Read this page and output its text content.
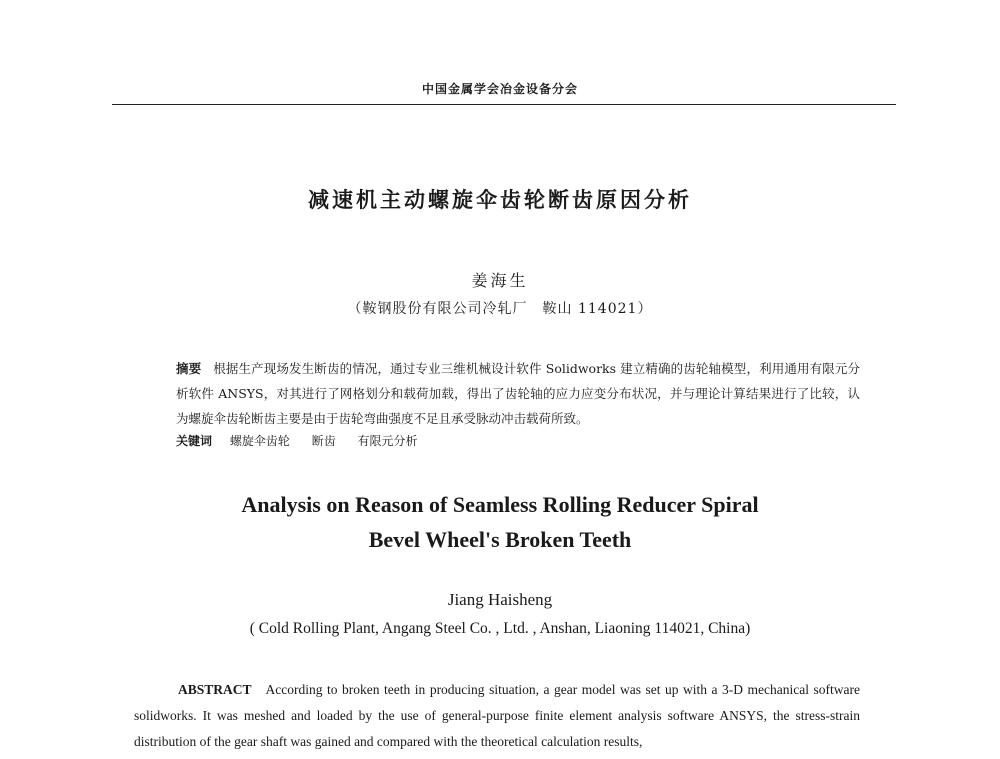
中国金属学会冶金设备分会
减速机主动螺旋伞齿轮断齿原因分析
姜海生
（鞍钢股份有限公司冷轧厂　鞍山 114021）
摘要 根据生产现场发生断齿的情况，通过专业三维机械设计软件 Solidworks 建立精确的齿轮轴模型，利用通用有限元分析软件 ANSYS，对其进行了网格划分和载荷加载，得出了齿轮轴的应力应变分布状况，并与理论计算结果进行了比较，认为螺旋伞齿轮断齿主要是由于齿轮弯曲强度不足且承受脉动冲击载荷所致。
关键词 螺旋伞齿轮 断齿 有限元分析
Analysis on Reason of Seamless Rolling Reducer Spiral
Bevel Wheel's Broken Teeth
Jiang Haisheng
( Cold Rolling Plant, Angang Steel Co. , Ltd. , Anshan, Liaoning 114021, China)
ABSTRACT According to broken teeth in producing situation, a gear model was set up with a 3-D mechanical software solidworks. It was meshed and loaded by the use of general-purpose finite element analysis software ANSYS, the stress-strain distribution of the gear shaft was gained and compared with the theoretical calculation results,
